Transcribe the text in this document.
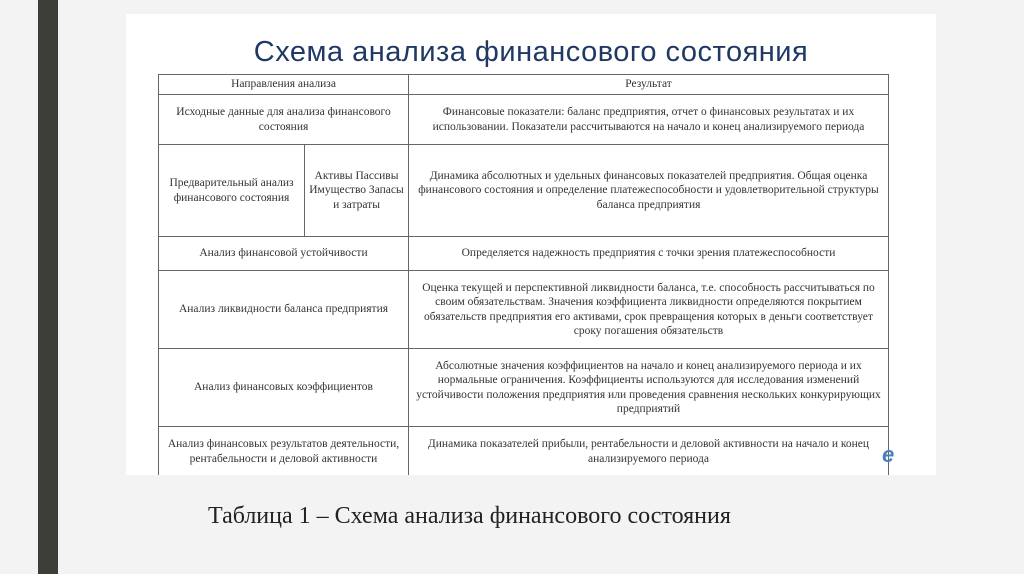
Схема анализа финансового состояния
Направления анализа		Результат
Исходные данные для анализа финансового состояния		Финансовые показатели: баланс предприятия, отчет о финансовых результатах и их использовании. Показатели рассчитываются на начало и конец анализируемого периода
Предварительный анализ финансового состояния	Активы Пассивы Имущество Запасы и затраты	Динамика абсолютных и удельных финансовых показателей предприятия. Общая оценка финансового состояния и определение платежеспособности и удовлетворительной структуры баланса предприятия
Анализ финансовой устойчивости		Определяется надежность предприятия с точки зрения платежеспособности
Анализ ликвидности баланса предприятия		Оценка текущей и перспективной ликвидности баланса, т.е. способность рассчитываться по своим обязательствам. Значения коэффициента ликвидности определяются покрытием обязательств предприятия его активами, срок превращения которых в деньги соответствует сроку погашения обязательств
Анализ финансовых коэффициентов		Абсолютные значения коэффициентов на начало и конец анализируемого периода и их нормальные ограничения. Коэффициенты используются для исследования изменений устойчивости положения предприятия или проведения сравнения нескольких конкурирующих предприятий
Анализ финансовых результатов деятельности, рентабельности и деловой активности		Динамика показателей прибыли, рентабельности и деловой активности на начало и конец анализируемого периода	e
Таблица 1 – Схема анализа финансового состояния
